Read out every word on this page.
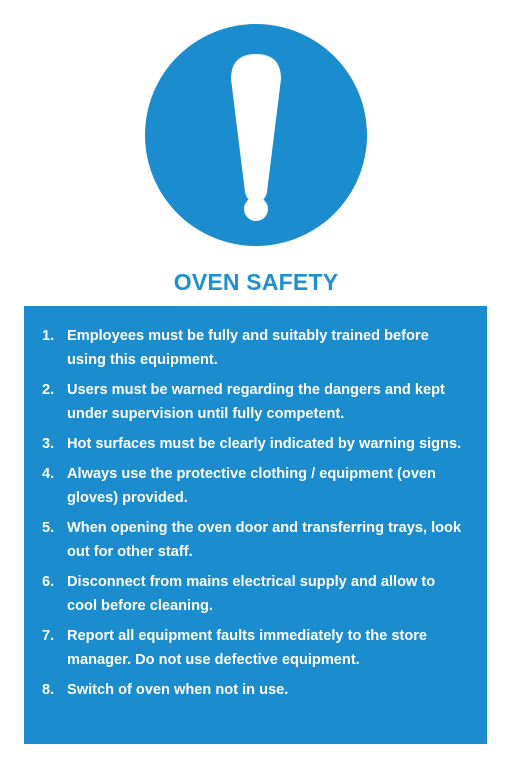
OVEN SAFETY
1. Employees must be fully and suitably trained before using this equipment.
2. Users must be warned regarding the dangers and kept under supervision until fully competent.
3. Hot surfaces must be clearly indicated by warning signs.
4. Always use the protective clothing / equipment (oven gloves) provided.
5. When opening the oven door and transferring trays, look out for other staff.
6. Disconnect from mains electrical supply and allow to cool before cleaning.
7. Report all equipment faults immediately to the store manager. Do not use defective equipment.
8. Switch of oven when not in use.
